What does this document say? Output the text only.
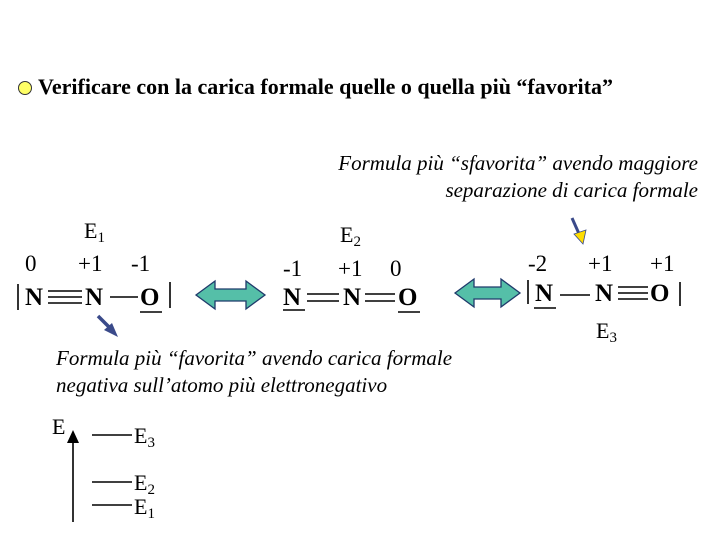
Verificare con la carica formale quelle o quella più “favorita”
Formula più “sfavorita” avendo maggiore
separazione di carica formale
Formula più “favorita” avendo carica formale
negativa sull’atomo più elettronegativo
$E_1$
0 +1 -1
N N O
$E_2$
-1 +1 0
N N O
-2 +1 +1
N N O
$E_3$
E	$E_3$
$E_2$
$E_1$
